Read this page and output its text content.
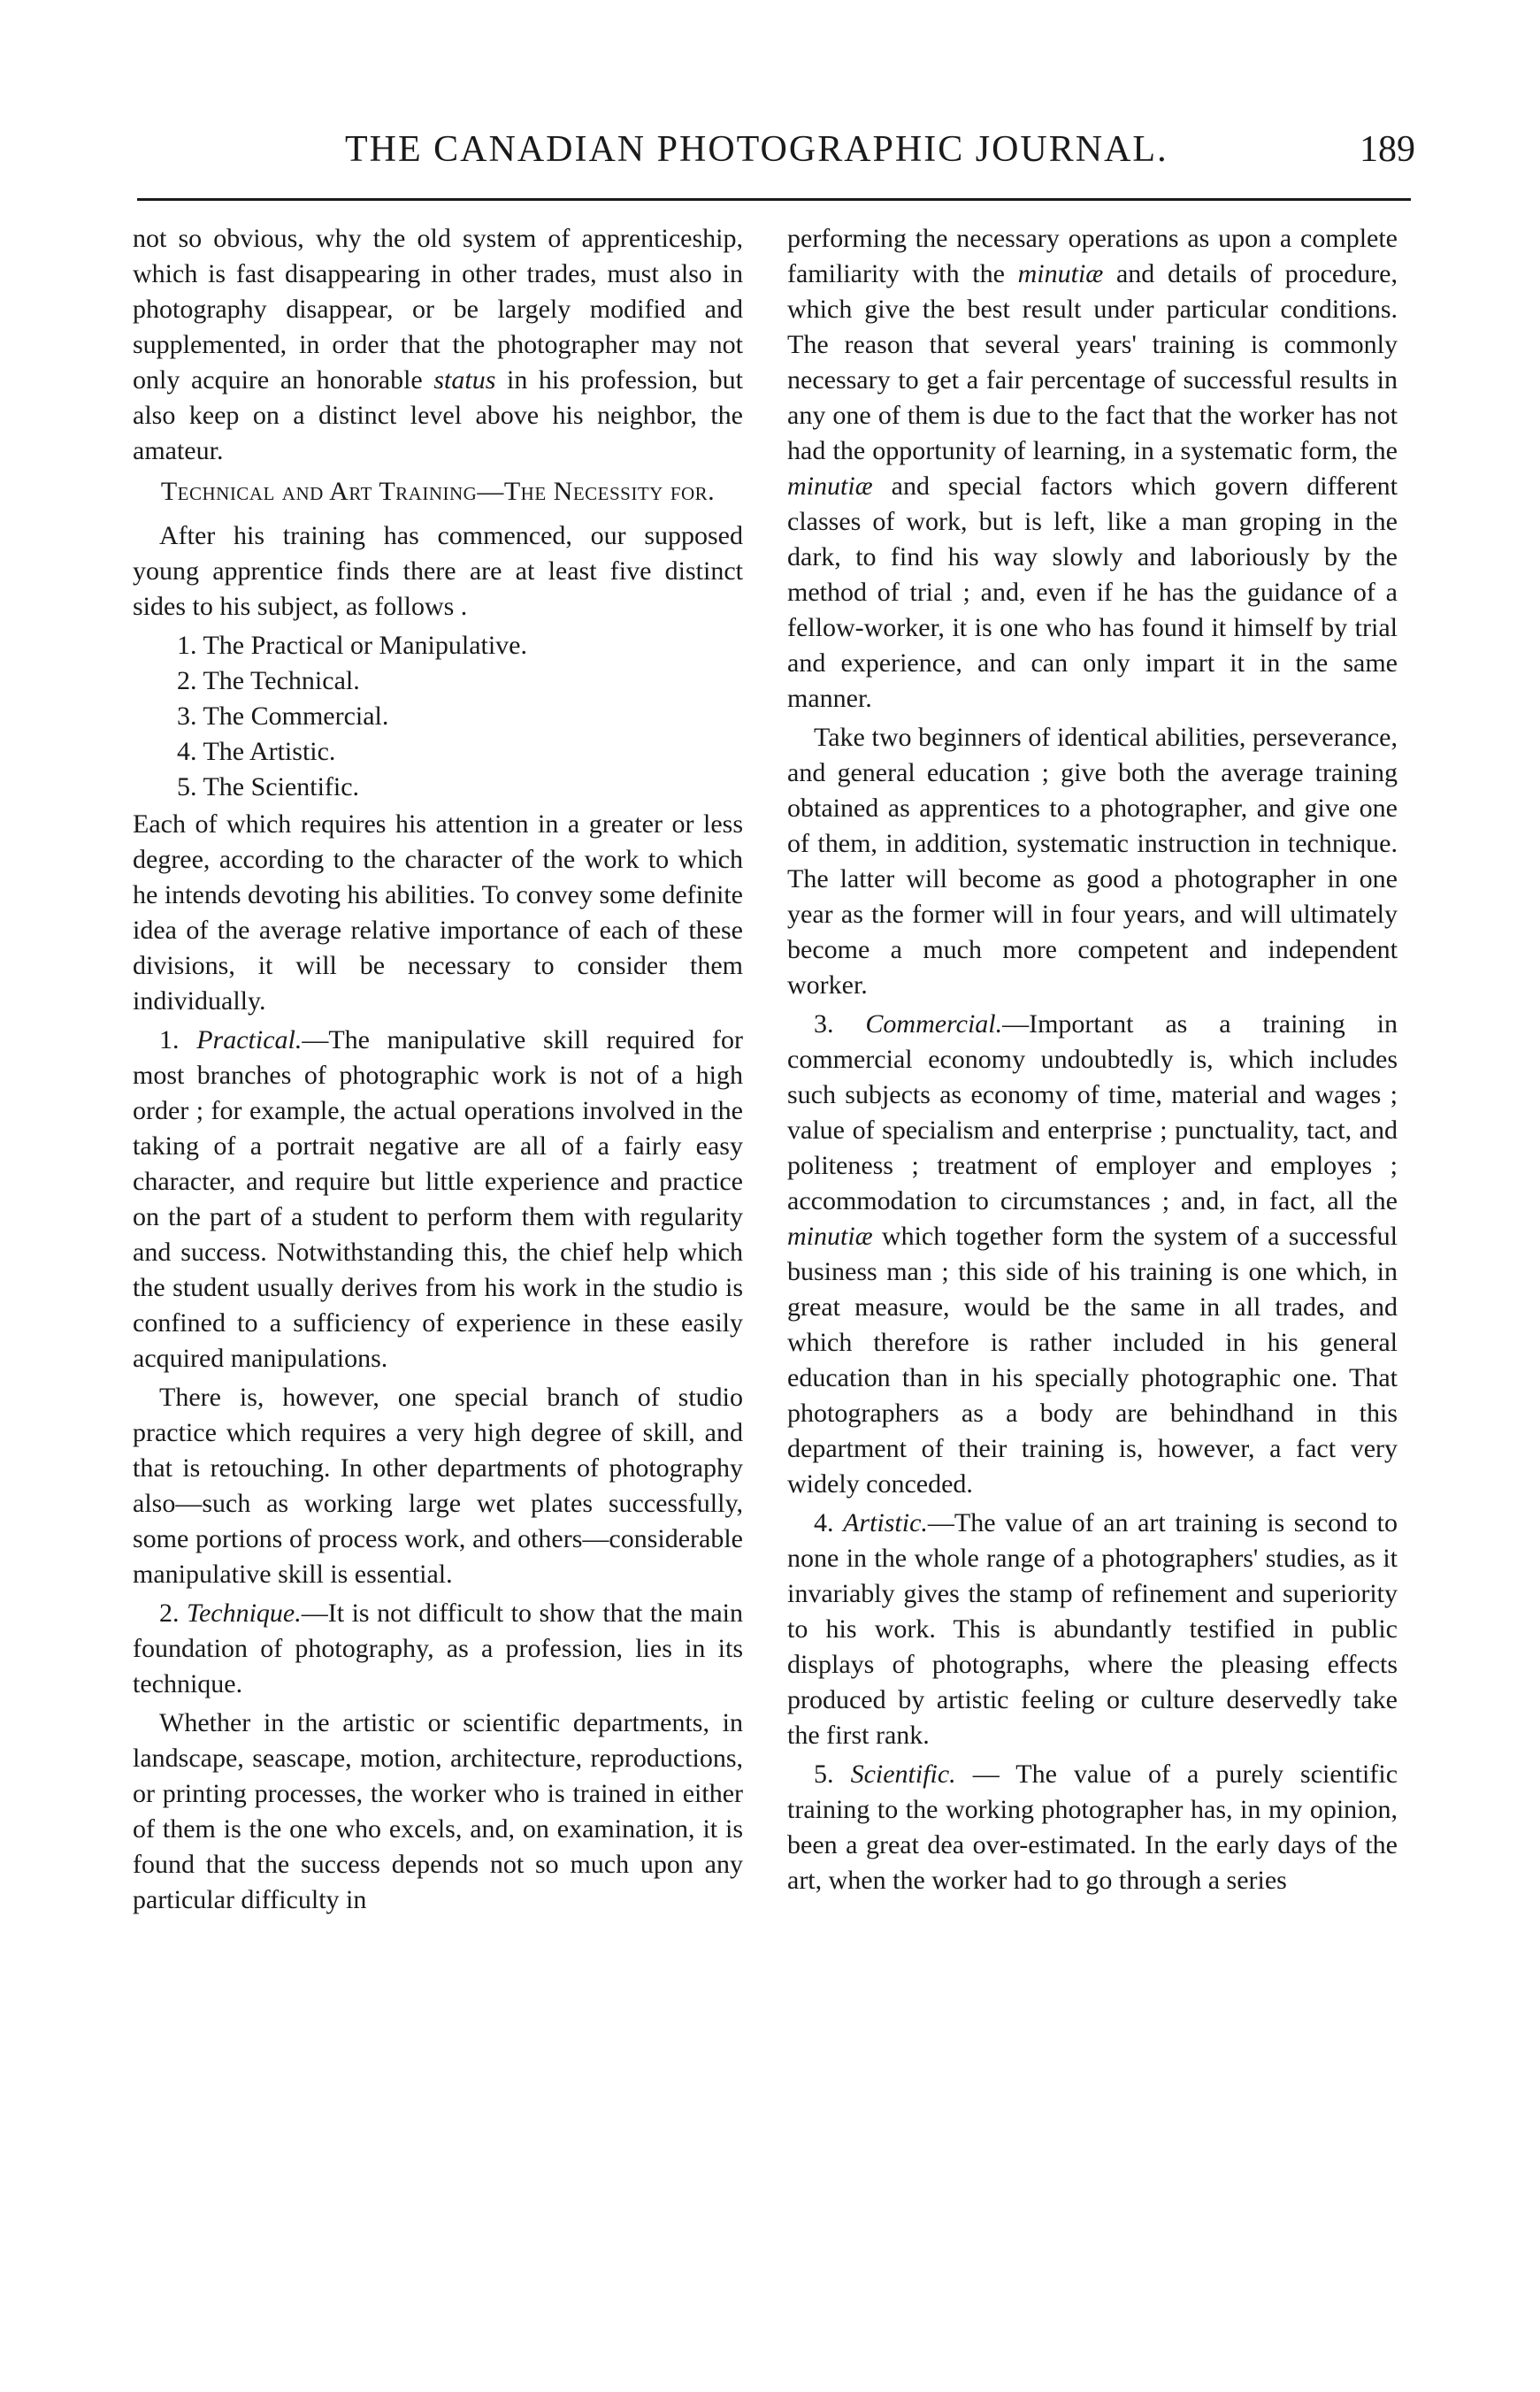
THE CANADIAN PHOTOGRAPHIC JOURNAL.	189

not so obvious, why the old system of apprenticeship, which is fast disappearing in other trades, must also in photography disappear, or be largely modified and supplemented, in order that the photographer may not only acquire an honorable status in his profession, but also keep on a distinct level above his neighbor, the amateur.

Technical and Art Training—The Necessity for.

After his training has commenced, our supposed young apprentice finds there are at least five distinct sides to his subject, as follows .

1. The Practical or Manipulative.
2. The Technical.
3. The Commercial.
4. The Artistic.
5. The Scientific.

Each of which requires his attention in a greater or less degree, according to the character of the work to which he intends devoting his abilities. To convey some definite idea of the average relative importance of each of these divisions, it will be necessary to consider them individually.

1. Practical.—The manipulative skill required for most branches of photographic work is not of a high order ; for example, the actual operations involved in the taking of a portrait negative are all of a fairly easy character, and require but little experience and practice on the part of a student to perform them with regularity and success. Notwithstanding this, the chief help which the student usually derives from his work in the studio is confined to a sufficiency of experience in these easily acquired manipulations.

There is, however, one special branch of studio practice which requires a very high degree of skill, and that is retouching. In other departments of photography also—such as working large wet plates successfully, some portions of process work, and others—considerable manipulative skill is essential.

2. Technique.—It is not difficult to show that the main foundation of photography, as a profession, lies in its technique.

Whether in the artistic or scientific departments, in landscape, seascape, motion, architecture, reproductions, or printing processes, the worker who is trained in either of them is the one who excels, and, on examination, it is found that the success depends not so much upon any particular difficulty in

performing the necessary operations as upon a complete familiarity with the minutiæ and details of procedure, which give the best result under particular conditions. The reason that several years' training is commonly necessary to get a fair percentage of successful results in any one of them is due to the fact that the worker has not had the opportunity of learning, in a systematic form, the minutiæ and special factors which govern different classes of work, but is left, like a man groping in the dark, to find his way slowly and laboriously by the method of trial ; and, even if he has the guidance of a fellow-worker, it is one who has found it himself by trial and experience, and can only impart it in the same manner.

Take two beginners of identical abilities, perseverance, and general education ; give both the average training obtained as apprentices to a photographer, and give one of them, in addition, systematic instruction in technique. The latter will become as good a photographer in one year as the former will in four years, and will ultimately become a much more competent and independent worker.

3. Commercial.—Important as a training in commercial economy undoubtedly is, which includes such subjects as economy of time, material and wages ; value of specialism and enterprise ; punctuality, tact, and politeness ; treatment of employer and employes ; accommodation to circumstances ; and, in fact, all the minutiæ which together form the system of a successful business man ; this side of his training is one which, in great measure, would be the same in all trades, and which therefore is rather included in his general education than in his specially photographic one. That photographers as a body are behindhand in this department of their training is, however, a fact very widely conceded.

4. Artistic.—The value of an art training is second to none in the whole range of a photographers' studies, as it invariably gives the stamp of refinement and superiority to his work. This is abundantly testified in public displays of photographs, where the pleasing effects produced by artistic feeling or culture deservedly take the first rank.

5. Scientific. — The value of a purely scientific training to the working photographer has, in my opinion, been a great dea over-estimated. In the early days of the art, when the worker had to go through a series
